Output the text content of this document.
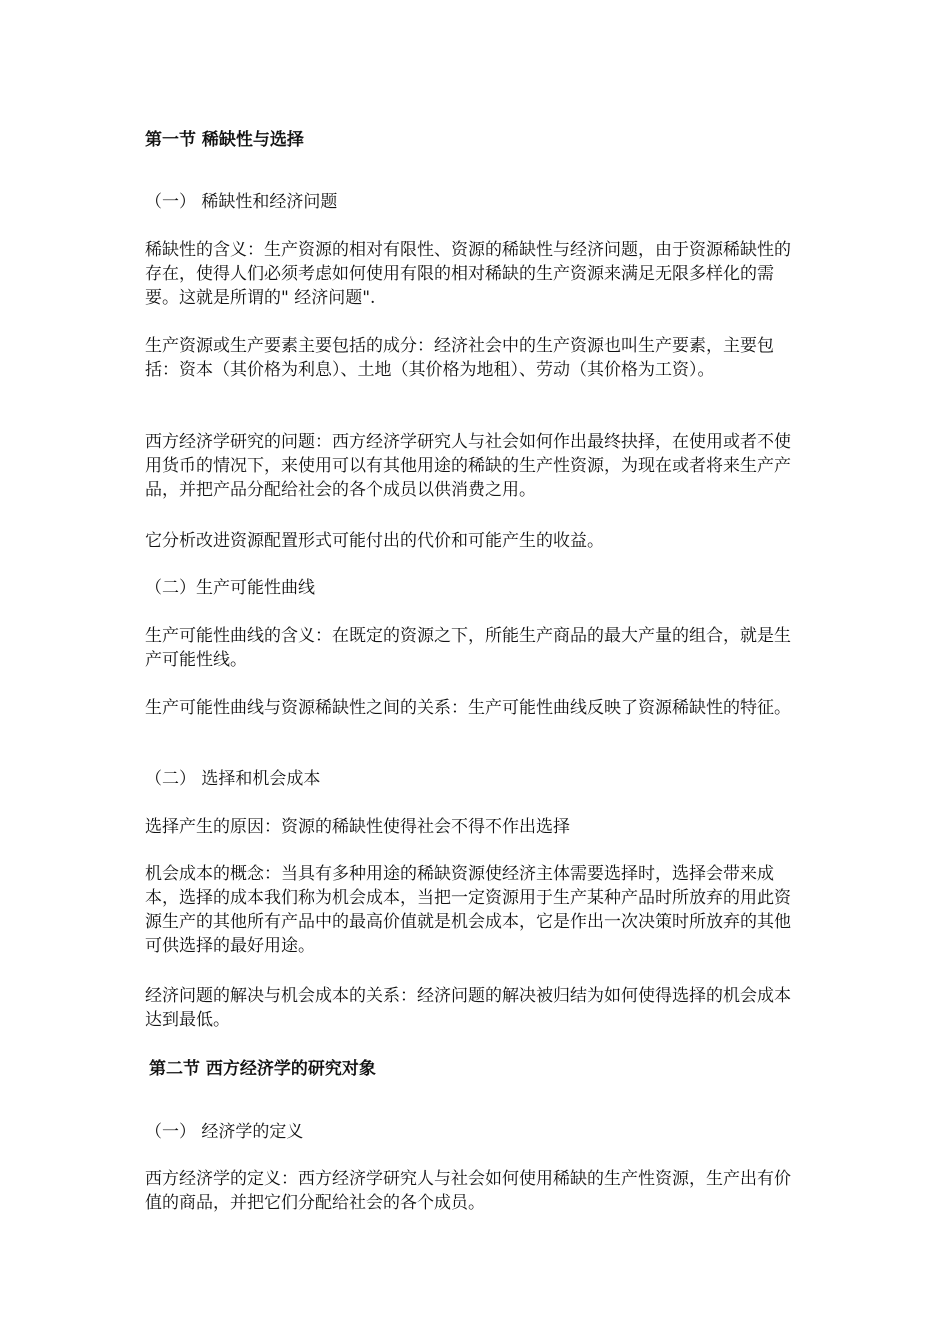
第一节 稀缺性与选择
（一） 稀缺性和经济问题

稀缺性的含义：生产资源的相对有限性、资源的稀缺性与经济问题，由于资源稀缺性的存在，使得人们必须考虑如何使用有限的相对稀缺的生产资源来满足无限多样化的需要。这就是所谓的" 经济问题".

生产资源或生产要素主要包括的成分：经济社会中的生产资源也叫生产要素，主要包括：资本（其价格为利息）、土地（其价格为地租）、劳动（其价格为工资）。

西方经济学研究的问题：西方经济学研究人与社会如何作出最终抉择，在使用或者不使用货币的情况下，来使用可以有其他用途的稀缺的生产性资源，为现在或者将来生产产品，并把产品分配给社会的各个成员以供消费之用。

它分析改进资源配置形式可能付出的代价和可能产生的收益。

（二）生产可能性曲线

生产可能性曲线的含义：在既定的资源之下，所能生产商品的最大产量的组合，就是生产可能性线。

生产可能性曲线与资源稀缺性之间的关系：生产可能性曲线反映了资源稀缺性的特征。

（二） 选择和机会成本

选择产生的原因：资源的稀缺性使得社会不得不作出选择

机会成本的概念：当具有多种用途的稀缺资源使经济主体需要选择时，选择会带来成本，选择的成本我们称为机会成本，当把一定资源用于生产某种产品时所放弃的用此资源生产的其他所有产品中的最高价值就是机会成本，它是作出一次决策时所放弃的其他可供选择的最好用途。

经济问题的解决与机会成本的关系：经济问题的解决被归结为如何使得选择的机会成本达到最低。

第二节 西方经济学的研究对象
（一） 经济学的定义

西方经济学的定义：西方经济学研究人与社会如何使用稀缺的生产性资源，生产出有价值的商品，并把它们分配给社会的各个成员。
